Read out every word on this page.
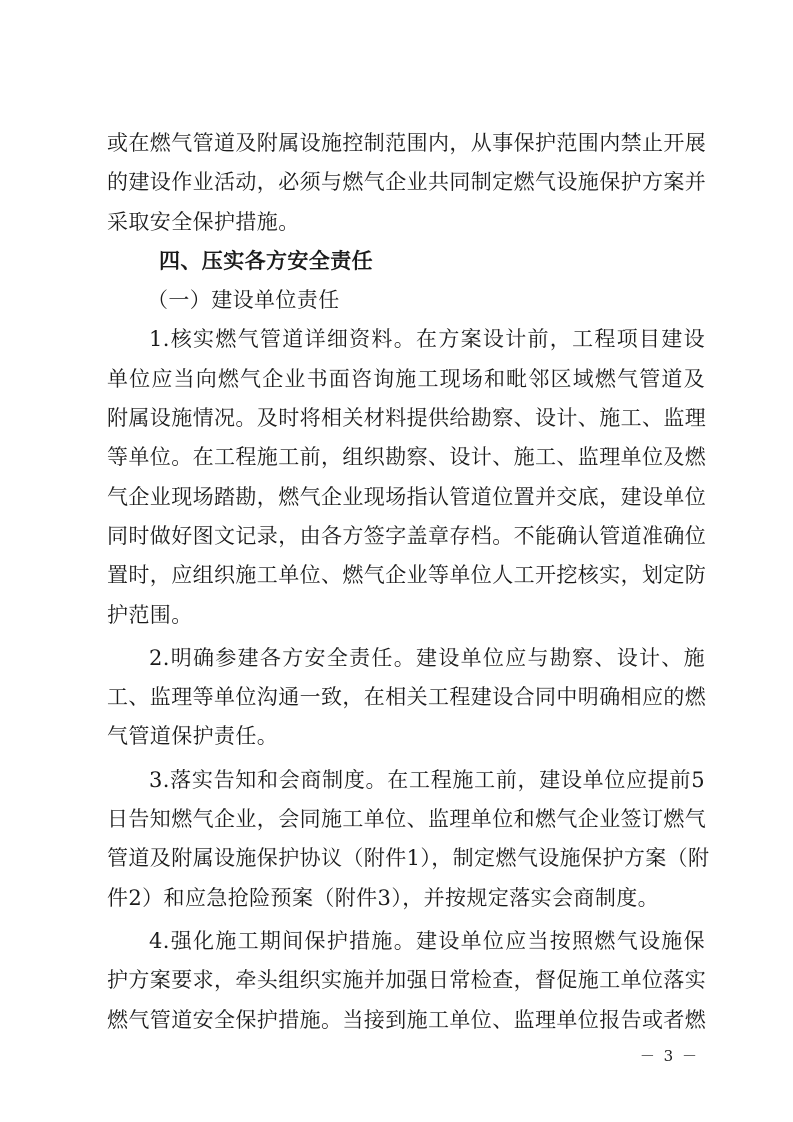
或在燃气管道及附属设施控制范围内，从事保护范围内禁止开展
的建设作业活动，必须与燃气企业共同制定燃气设施保护方案并
采取安全保护措施。
四、压实各方安全责任
（一）建设单位责任
1.核实燃气管道详细资料。在方案设计前，工程项目建设
单位应当向燃气企业书面咨询施工现场和毗邻区域燃气管道及
附属设施情况。及时将相关材料提供给勘察、设计、施工、监理
等单位。在工程施工前，组织勘察、设计、施工、监理单位及燃
气企业现场踏勘，燃气企业现场指认管道位置并交底，建设单位
同时做好图文记录，由各方签字盖章存档。不能确认管道准确位
置时，应组织施工单位、燃气企业等单位人工开挖核实，划定防
护范围。
2.明确参建各方安全责任。建设单位应与勘察、设计、施
工、监理等单位沟通一致，在相关工程建设合同中明确相应的燃
气管道保护责任。
3.落实告知和会商制度。在工程施工前，建设单位应提前5
日告知燃气企业，会同施工单位、监理单位和燃气企业签订燃气
管道及附属设施保护协议（附件1），制定燃气设施保护方案（附
件2）和应急抢险预案（附件3），并按规定落实会商制度。
4.强化施工期间保护措施。建设单位应当按照燃气设施保
护方案要求，牵头组织实施并加强日常检查，督促施工单位落实
燃气管道安全保护措施。当接到施工单位、监理单位报告或者燃
－ 3 －
